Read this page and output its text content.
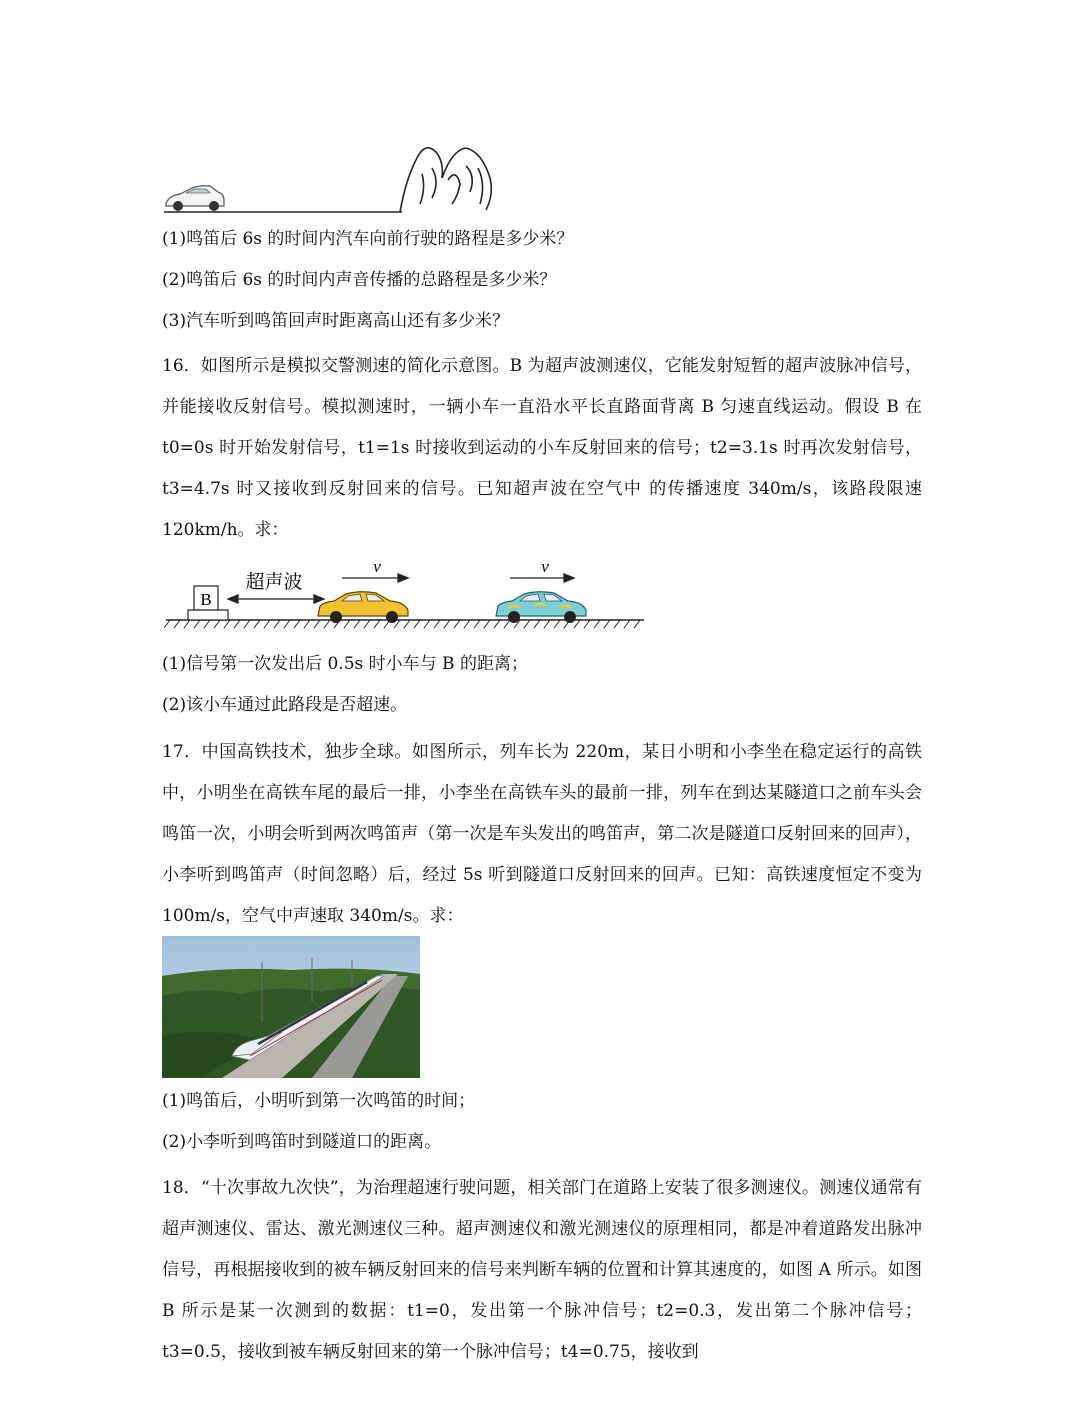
(1)鸣笛后 6s 的时间内汽车向前行驶的路程是多少米？
(2)鸣笛后 6s 的时间内声音传播的总路程是多少米？
(3)汽车听到鸣笛回声时距离高山还有多少米？

16．如图所示是模拟交警测速的简化示意图。B 为超声波测速仪，它能发射短暂的超声波脉冲信号，并能接收反射信号。模拟测速时，一辆小车一直沿水平长直路面背离 B 匀速直线运动。假设 B 在 t0=0s 时开始发射信号，t1=1s 时接收到运动的小车反射回来的信号；t2=3.1s 时再次发射信号，t3=4.7s 时又接收到反射回来的信号。已知超声波在空气中 的传播速度 340m/s，该路段限速 120km/h。求：

B
超声波
v	v
(1)信号第一次发出后 0.5s 时小车与 B 的距离；
(2)该小车通过此路段是否超速。

17．中国高铁技术，独步全球。如图所示，列车长为 220m，某日小明和小李坐在稳定运行的高铁中，小明坐在高铁车尾的最后一排，小李坐在高铁车头的最前一排，列车在到达某隧道口之前车头会鸣笛一次，小明会听到两次鸣笛声（第一次是车头发出的鸣笛声，第二次是隧道口反射回来的回声），小李听到鸣笛声（时间忽略）后，经过 5s 听到隧道口反射回来的回声。已知：高铁速度恒定不变为 100m/s，空气中声速取 340m/s。求：

(1)鸣笛后，小明听到第一次鸣笛的时间；
(2)小李听到鸣笛时到隧道口的距离。

18．“十次事故九次快”，为治理超速行驶问题，相关部门在道路上安装了很多测速仪。测速仪通常有超声测速仪、雷达、激光测速仪三种。超声测速仪和激光测速仪的原理相同，都是冲着道路发出脉冲信号，再根据接收到的被车辆反射回来的信号来判断车辆的位置和计算其速度的，如图 A 所示。如图 B 所示是某一次测到的数据：t1=0，发出第一个脉冲信号；t2=0.3，发出第二个脉冲信号；t3=0.5，接收到被车辆反射回来的第一个脉冲信号；t4=0.75，接收到
